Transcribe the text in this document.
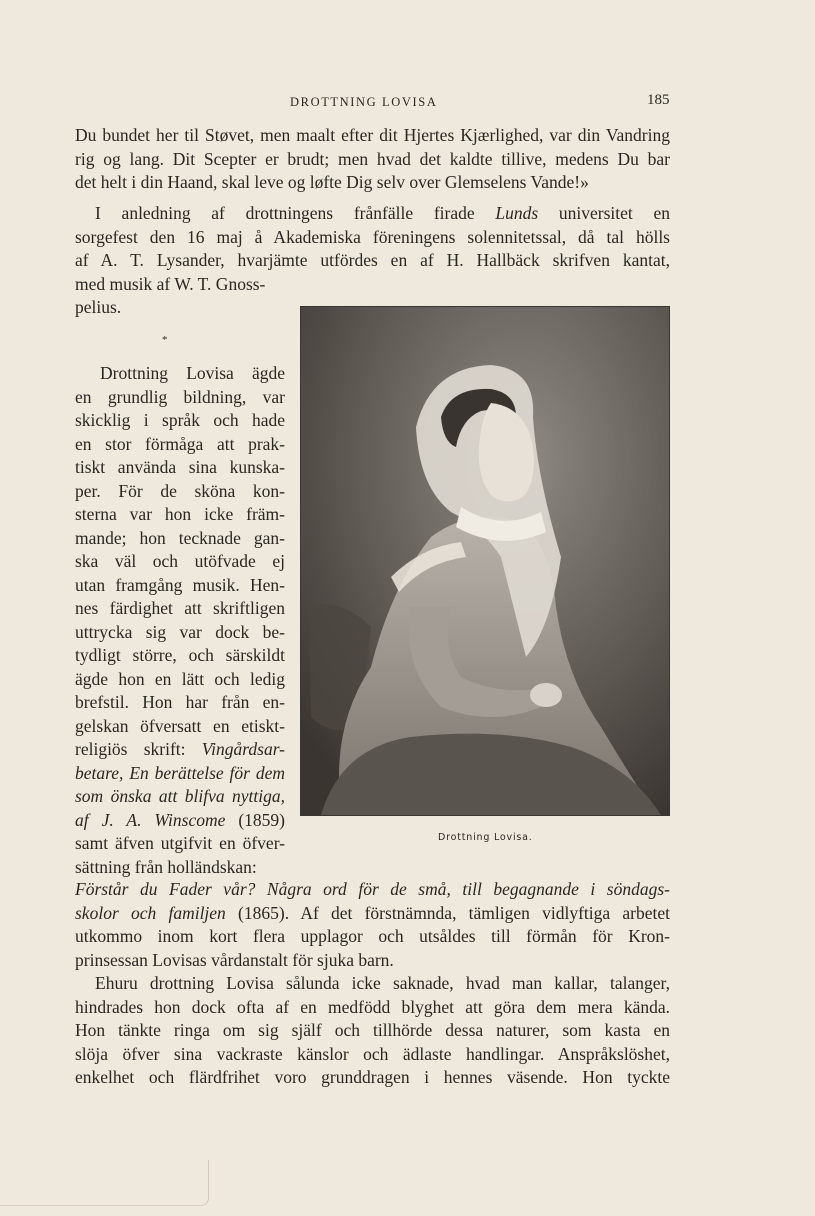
DROTTNING LOVISA	185
Du bundet her til Støvet, men maalt efter dit Hjertes Kjærlighed, var din Vandring
rig og lang. Dit Scepter er brudt; men hvad det kaldte tillive, medens Du bar
det helt i din Haand, skal leve og løfte Dig selv over Glemselens Vande!»
I anledning af drottningens frånfälle firade Lunds universitet en
sorgefest den 16 maj å Akademiska föreningens solennitetssal, då tal hölls
af A. T. Lysander, hvarjämte utfördes en af H. Hallbäck skrifven kantat,
med musik af W. T. Gnoss-
pelius.
*
Drottning Lovisa ägde
en grundlig bildning, var
skicklig i språk och hade
en stor förmåga att prak-
tiskt använda sina kunska-
per. För de sköna kon-
sterna var hon icke främ-
mande; hon tecknade gan-
ska väl och utöfvade ej
utan framgång musik. Hen-
nes färdighet att skriftligen
uttrycka sig var dock be-
tydligt större, och särskildt
ägde hon en lätt och ledig
brefstil. Hon har från en-
gelskan öfversatt en etiskt-
religiös skrift: Vingårdsar-
betare, En berättelse för dem
som önska att blifva nyttiga,
af J. A. Winscome (1859)
samt äfven utgifvit en öfver-
sättning från holländskan:
Drottning Lovisa.
Förstår du Fader vår? Några ord för de små, till begagnande i söndags-
skolor och familjen (1865). Af det förstnämnda, tämligen vidlyftiga arbetet
utkommo inom kort flera upplagor och utsåldes till förmån för Kron-
prinsessan Lovisas vårdanstalt för sjuka barn.
Ehuru drottning Lovisa sålunda icke saknade, hvad man kallar, talanger,
hindrades hon dock ofta af en medfödd blyghet att göra dem mera kända.
Hon tänkte ringa om sig själf och tillhörde dessa naturer, som kasta en
slöja öfver sina vackraste känslor och ädlaste handlingar. Anspråkslöshet,
enkelhet och flärdfrihet voro grunddragen i hennes väsende. Hon tyckte
